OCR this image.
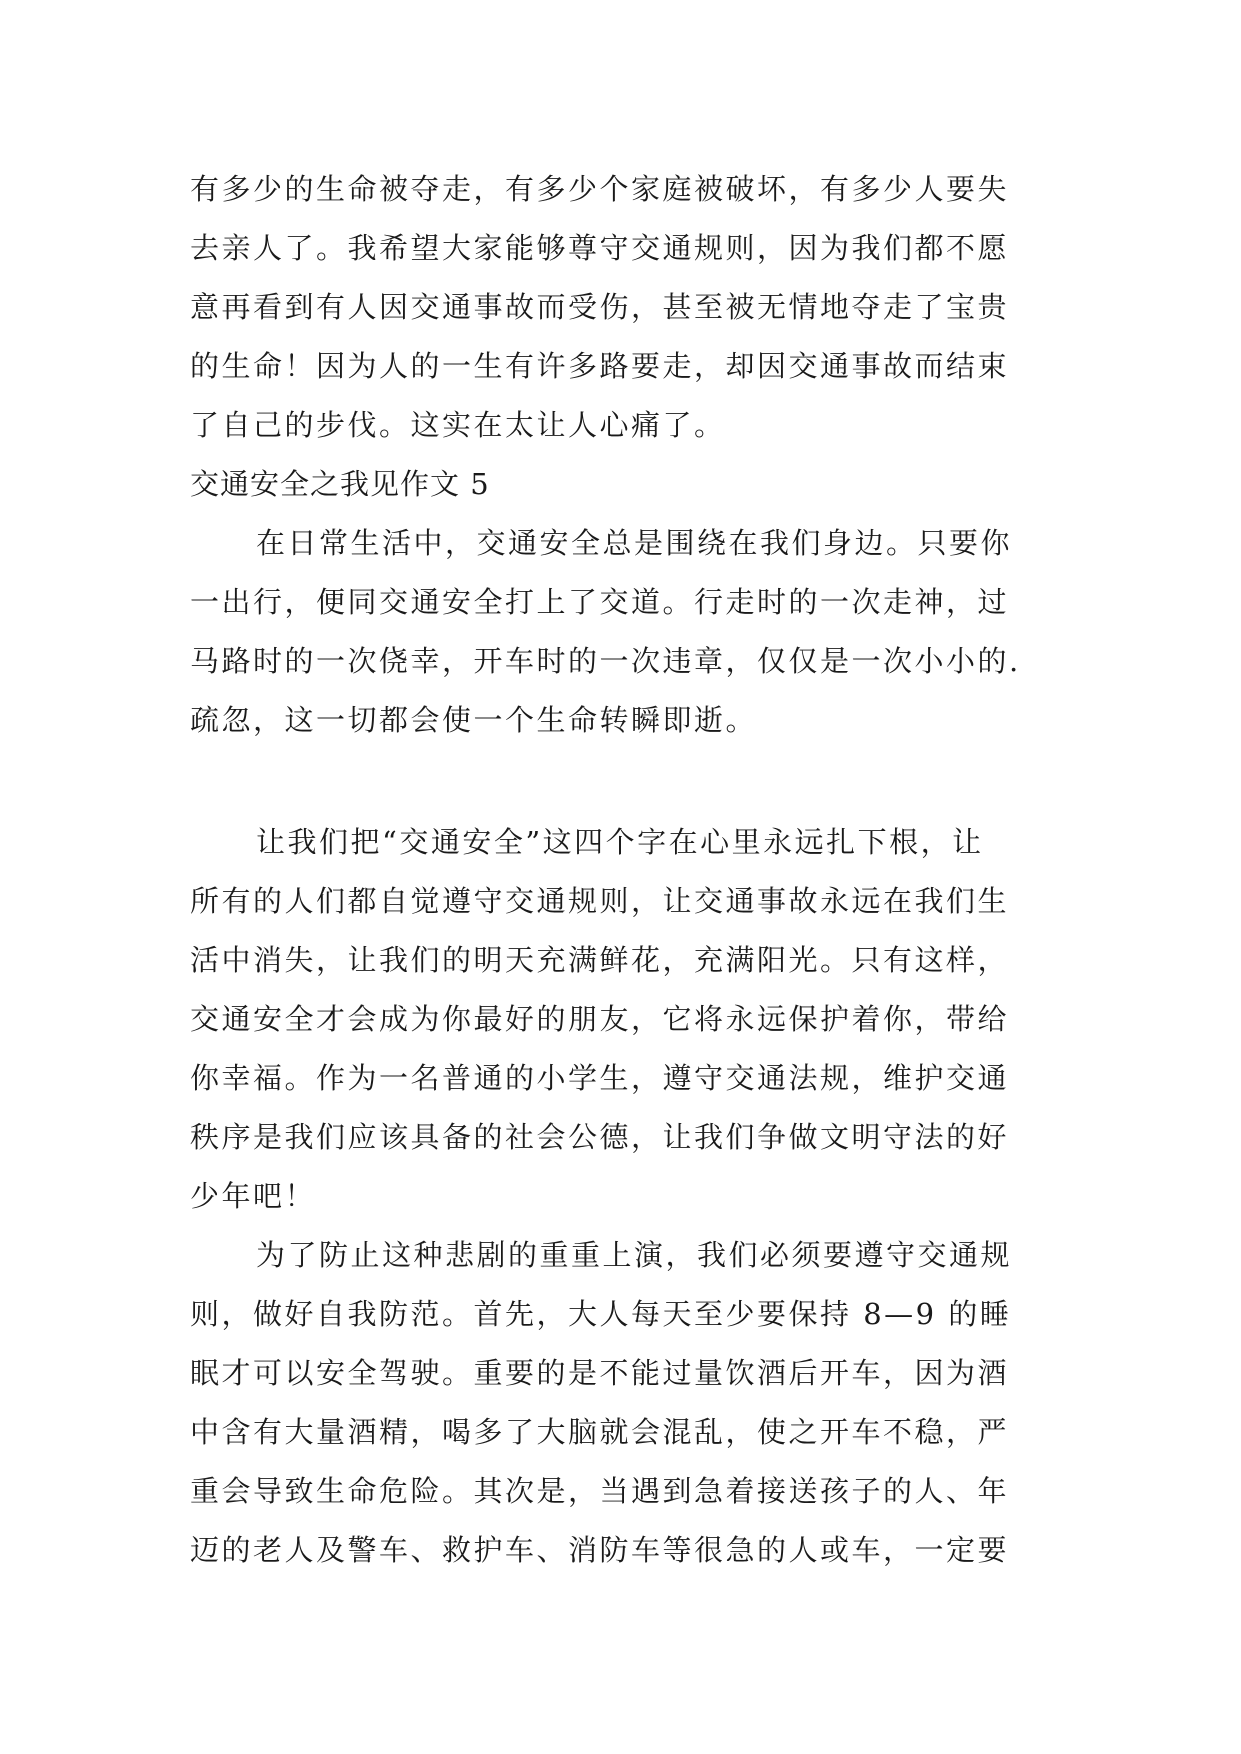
有多少的生命被夺走，有多少个家庭被破坏，有多少人要失
去亲人了。我希望大家能够尊守交通规则，因为我们都不愿
意再看到有人因交通事故而受伤，甚至被无情地夺走了宝贵
的生命！因为人的一生有许多路要走，却因交通事故而结束
了自己的步伐。这实在太让人心痛了。
交通安全之我见作文 5
在日常生活中，交通安全总是围绕在我们身边。只要你
一出行，便同交通安全打上了交道。行走时的一次走神，过
马路时的一次侥幸，开车时的一次违章，仅仅是一次小小的.
疏忽，这一切都会使一个生命转瞬即逝。
让我们把“交通安全”这四个字在心里永远扎下根，让
所有的人们都自觉遵守交通规则，让交通事故永远在我们生
活中消失，让我们的明天充满鲜花，充满阳光。只有这样，
交通安全才会成为你最好的朋友，它将永远保护着你，带给
你幸福。作为一名普通的小学生，遵守交通法规，维护交通
秩序是我们应该具备的社会公德，让我们争做文明守法的好
少年吧！
为了防止这种悲剧的重重上演，我们必须要遵守交通规
则，做好自我防范。首先，大人每天至少要保持 8—9 的睡
眠才可以安全驾驶。重要的是不能过量饮酒后开车，因为酒
中含有大量酒精，喝多了大脑就会混乱，使之开车不稳，严
重会导致生命危险。其次是，当遇到急着接送孩子的人、年
迈的老人及警车、救护车、消防车等很急的人或车，一定要
